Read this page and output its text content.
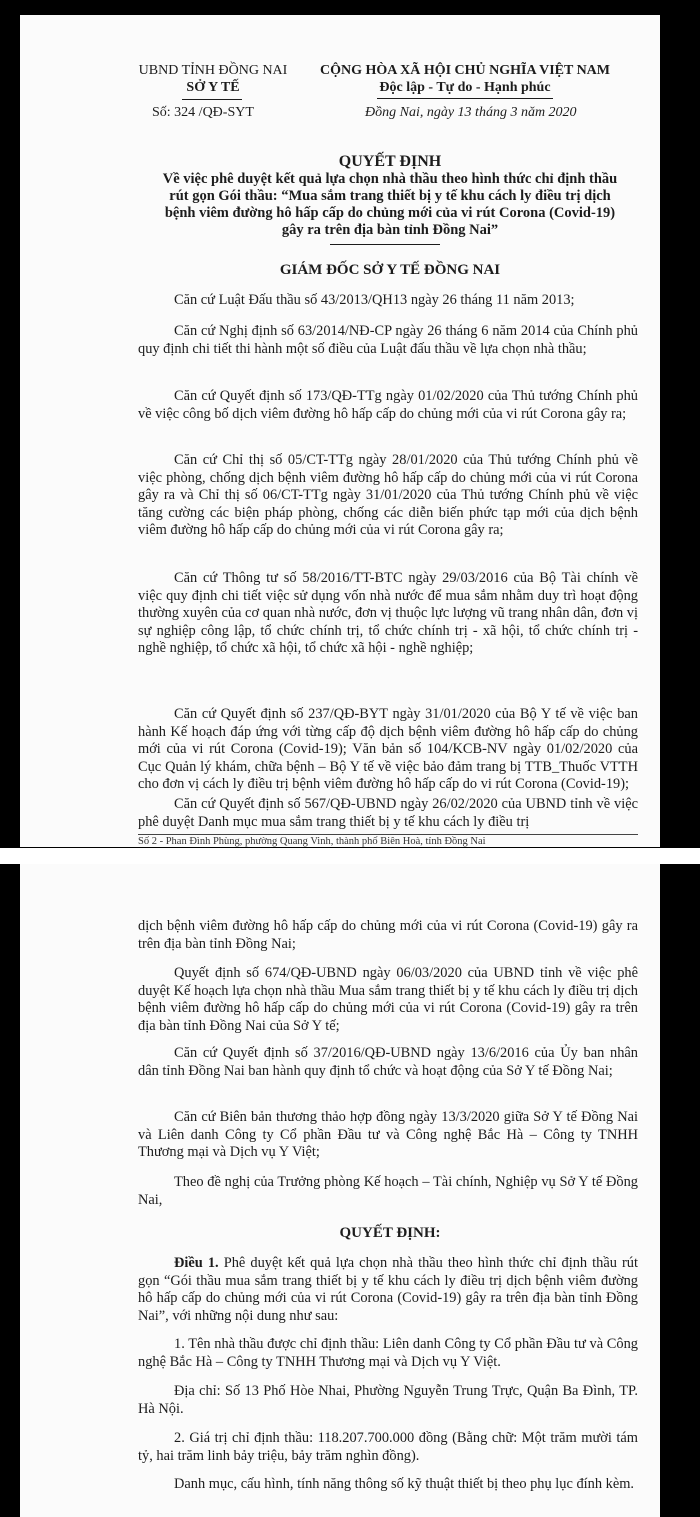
UBND TỈNH ĐỒNG NAI
SỞ Y TẾ
Số: 324 /QĐ-SYT
CỘNG HÒA XÃ HỘI CHỦ NGHĨA VIỆT NAM
Độc lập - Tự do - Hạnh phúc
Đồng Nai, ngày 13 tháng 3 năm 2020
QUYẾT ĐỊNH
Về việc phê duyệt kết quả lựa chọn nhà thầu theo hình thức chỉ định thầu
rút gọn Gói thầu: “Mua sắm trang thiết bị y tế khu cách ly điều trị dịch
bệnh viêm đường hô hấp cấp do chủng mới của vi rút Corona (Covid-19)
gây ra trên địa bàn tỉnh Đồng Nai”
GIÁM ĐỐC SỞ Y TẾ ĐỒNG NAI
Căn cứ Luật Đấu thầu số 43/2013/QH13 ngày 26 tháng 11 năm 2013;
Căn cứ Nghị định số 63/2014/NĐ-CP ngày 26 tháng 6 năm 2014 của Chính phủ quy định chi tiết thi hành một số điều của Luật đấu thầu về lựa chọn nhà thầu;
Căn cứ Quyết định số 173/QĐ-TTg ngày 01/02/2020 của Thủ tướng Chính phủ về việc công bố dịch viêm đường hô hấp cấp do chủng mới của vi rút Corona gây ra;
Căn cứ Chỉ thị số 05/CT-TTg ngày 28/01/2020 của Thủ tướng Chính phủ về việc phòng, chống dịch bệnh viêm đường hô hấp cấp do chủng mới của vi rút Corona gây ra và Chỉ thị số 06/CT-TTg ngày 31/01/2020 của Thủ tướng Chính phủ về việc tăng cường các biện pháp phòng, chống các diễn biến phức tạp mới của dịch bệnh viêm đường hô hấp cấp do chủng mới của vi rút Corona gây ra;
Căn cứ Thông tư số 58/2016/TT-BTC ngày 29/03/2016 của Bộ Tài chính về việc quy định chi tiết việc sử dụng vốn nhà nước để mua sắm nhằm duy trì hoạt động thường xuyên của cơ quan nhà nước, đơn vị thuộc lực lượng vũ trang nhân dân, đơn vị sự nghiệp công lập, tổ chức chính trị, tổ chức chính trị - xã hội, tổ chức chính trị - nghề nghiệp, tổ chức xã hội, tổ chức xã hội - nghề nghiệp;
Căn cứ Quyết định số 237/QĐ-BYT ngày 31/01/2020 của Bộ Y tế về việc ban hành Kế hoạch đáp ứng với từng cấp độ dịch bệnh viêm đường hô hấp cấp do chủng mới của vi rút Corona (Covid-19); Văn bản số 104/KCB-NV ngày 01/02/2020 của Cục Quản lý khám, chữa bệnh – Bộ Y tế về việc bảo đảm trang bị TTB_Thuốc VTTH cho đơn vị cách ly điều trị bệnh viêm đường hô hấp cấp do vi rút Corona (Covid-19);
Căn cứ Quyết định số 567/QĐ-UBND ngày 26/02/2020 của UBND tỉnh về việc phê duyệt Danh mục mua sắm trang thiết bị y tế khu cách ly điều trị
Số 2 - Phan Đình Phùng, phường Quang Vinh, thành phố Biên Hoà, tỉnh Đồng Nai
dịch bệnh viêm đường hô hấp cấp do chủng mới của vi rút Corona (Covid-19) gây ra trên địa bàn tỉnh Đồng Nai;
Quyết định số 674/QĐ-UBND ngày 06/03/2020 của UBND tỉnh về việc phê duyệt Kế hoạch lựa chọn nhà thầu Mua sắm trang thiết bị y tế khu cách ly điều trị dịch bệnh viêm đường hô hấp cấp do chủng mới của vi rút Corona (Covid-19) gây ra trên địa bàn tỉnh Đồng Nai của Sở Y tế;
Căn cứ Quyết định số 37/2016/QĐ-UBND ngày 13/6/2016 của Ủy ban nhân dân tỉnh Đồng Nai ban hành quy định tổ chức và hoạt động của Sở Y tế Đồng Nai;
Căn cứ Biên bản thương thảo hợp đồng ngày 13/3/2020 giữa Sở Y tế Đồng Nai và Liên danh Công ty Cổ phần Đầu tư và Công nghệ Bắc Hà – Công ty TNHH Thương mại và Dịch vụ Y Việt;
Theo đề nghị của Trưởng phòng Kế hoạch – Tài chính, Nghiệp vụ Sở Y tế Đồng Nai,
QUYẾT ĐỊNH:
Điều 1. Phê duyệt kết quả lựa chọn nhà thầu theo hình thức chỉ định thầu rút gọn “Gói thầu mua sắm trang thiết bị y tế khu cách ly điều trị dịch bệnh viêm đường hô hấp cấp do chủng mới của vi rút Corona (Covid-19) gây ra trên địa bàn tỉnh Đồng Nai”, với những nội dung như sau:
1. Tên nhà thầu được chỉ định thầu: Liên danh Công ty Cổ phần Đầu tư và Công nghệ Bắc Hà – Công ty TNHH Thương mại và Dịch vụ Y Việt.
Địa chỉ: Số 13 Phố Hòe Nhai, Phường Nguyễn Trung Trực, Quận Ba Đình, TP. Hà Nội.
2. Giá trị chỉ định thầu: 118.207.700.000 đồng (Bằng chữ: Một trăm mười tám tỷ, hai trăm linh bảy triệu, bảy trăm nghìn đồng).
Danh mục, cấu hình, tính năng thông số kỹ thuật thiết bị theo phụ lục đính kèm.
